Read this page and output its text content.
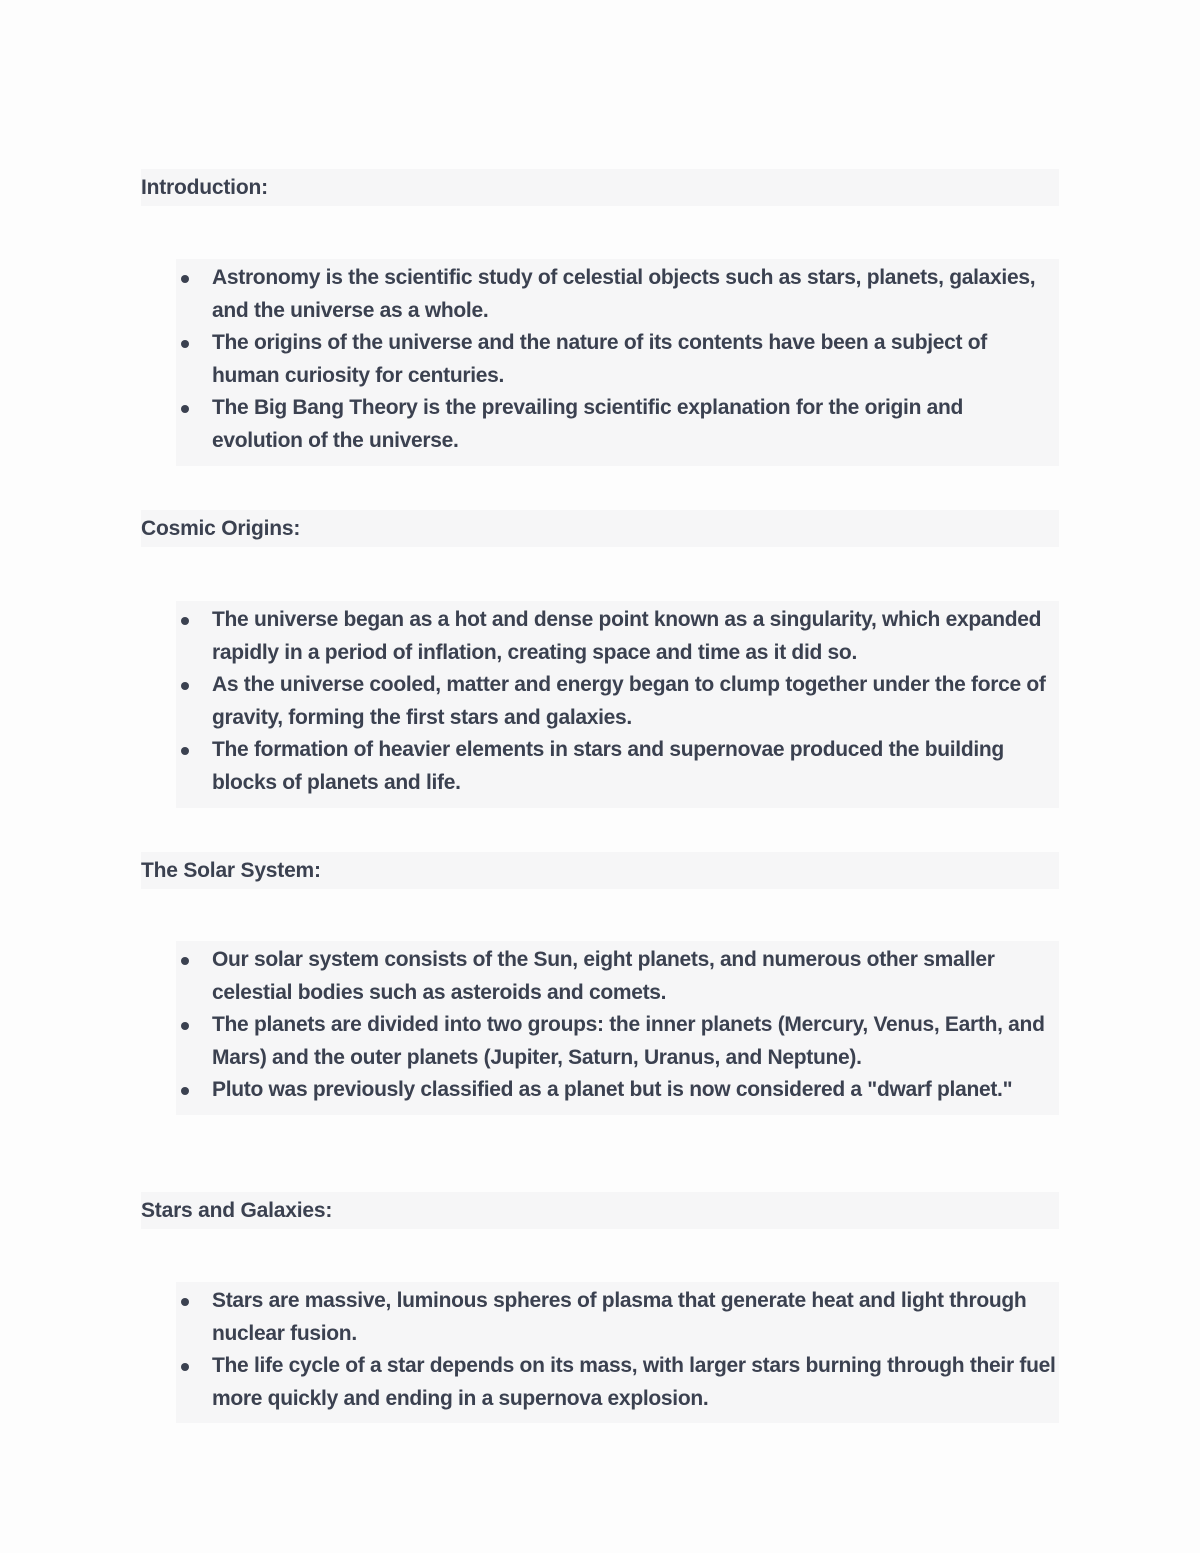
Introduction:
Astronomy is the scientific study of celestial objects such as stars, planets, galaxies, and the universe as a whole.
The origins of the universe and the nature of its contents have been a subject of human curiosity for centuries.
The Big Bang Theory is the prevailing scientific explanation for the origin and evolution of the universe.
Cosmic Origins:
The universe began as a hot and dense point known as a singularity, which expanded rapidly in a period of inflation, creating space and time as it did so.
As the universe cooled, matter and energy began to clump together under the force of gravity, forming the first stars and galaxies.
The formation of heavier elements in stars and supernovae produced the building blocks of planets and life.
The Solar System:
Our solar system consists of the Sun, eight planets, and numerous other smaller celestial bodies such as asteroids and comets.
The planets are divided into two groups: the inner planets (Mercury, Venus, Earth, and Mars) and the outer planets (Jupiter, Saturn, Uranus, and Neptune).
Pluto was previously classified as a planet but is now considered a "dwarf planet."
Stars and Galaxies:
Stars are massive, luminous spheres of plasma that generate heat and light through nuclear fusion.
The life cycle of a star depends on its mass, with larger stars burning through their fuel more quickly and ending in a supernova explosion.
